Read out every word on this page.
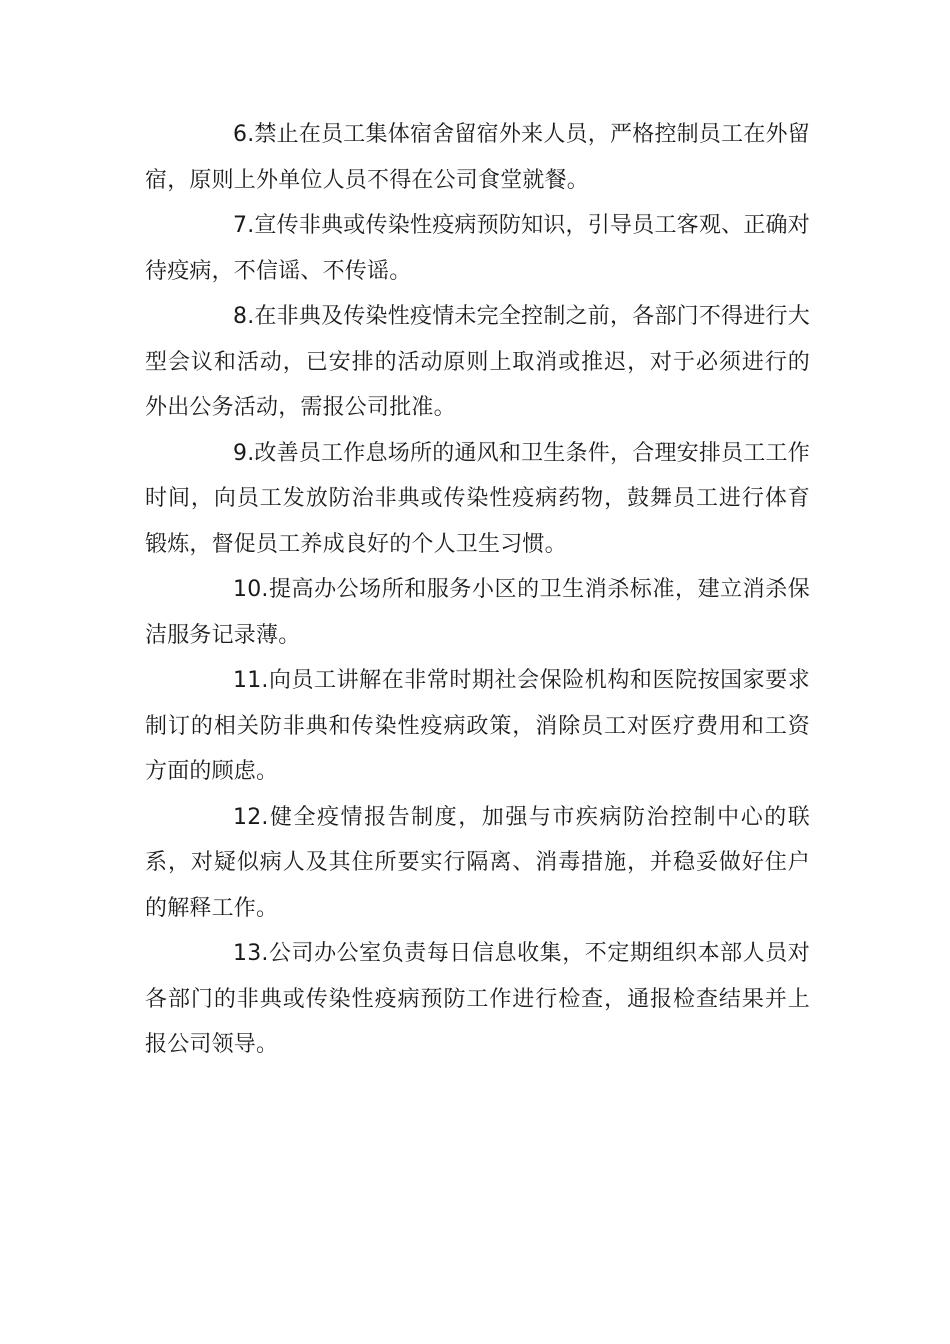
6.禁止在员工集体宿舍留宿外来人员，严格控制员工在外留宿，原则上外单位人员不得在公司食堂就餐。

7.宣传非典或传染性疫病预防知识，引导员工客观、正确对待疫病，不信谣、不传谣。

8.在非典及传染性疫情未完全控制之前，各部门不得进行大型会议和活动，已安排的活动原则上取消或推迟，对于必须进行的外出公务活动，需报公司批准。

9.改善员工作息场所的通风和卫生条件，合理安排员工工作时间，向员工发放防治非典或传染性疫病药物，鼓舞员工进行体育锻炼，督促员工养成良好的个人卫生习惯。

10.提高办公场所和服务小区的卫生消杀标准，建立消杀保洁服务记录薄。

11.向员工讲解在非常时期社会保险机构和医院按国家要求制订的相关防非典和传染性疫病政策，消除员工对医疗费用和工资方面的顾虑。

12.健全疫情报告制度，加强与市疾病防治控制中心的联系，对疑似病人及其住所要实行隔离、消毒措施，并稳妥做好住户的解释工作。

13.公司办公室负责每日信息收集，不定期组织本部人员对各部门的非典或传染性疫病预防工作进行检查，通报检查结果并上报公司领导。
